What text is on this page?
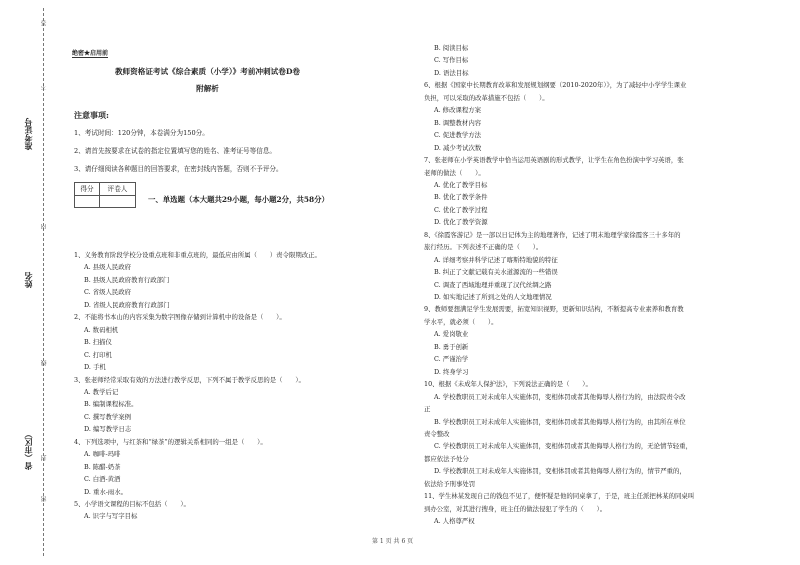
准考证号
姓名
省（市区）
答
不
内
线
封
密
绝密★启用前
教师资格证考试《综合素质（小学）》考前冲刺试卷D卷
附解析
注意事项:
1、考试时间：120分钟，本卷满分为150分。
2、请首先按要求在试卷的指定位置填写您的姓名、准考证号等信息。
3、请仔细阅读各种题目的回答要求，在密封线内答题，否则不予评分。
得分	评卷人
一、单选题（本大题共29小题，每小题2分，共58分）
1、义务教育阶段学校分设重点班和非重点班的，最低应由所属（　　）责令限期改正。
A. 县级人民政府
B. 县级人民政府教育行政部门
C. 省级人民政府
D. 省级人民政府教育行政部门
2、不能将书本山的内容采集为数字图像存储到计算机中的设备是（　　）。
A. 数码相机
B. 扫描仪
C. 打印机
D. 手机
3、张老师经常采取有效的方法进行教学反思，下列不属于教学反思的是（　　）。
A. 教学后记
B. 编制课程标准。
C. 撰写教学案例
D. 编写教学日志
4、下列选项中，与红茶和“绿茶”的逻辑关系相同的一组是（　　）。
A. 咖啡-玛啡
B. 陈醋-奶茶
C. 白酒-黄酒
D. 重水-雨水。
5、小学语文课程的目标不包括（　　）。
A. 识字与写字目标
B. 阅读目标
C. 写作目标
D. 语法目标
6、根据《国家中长期教育改革和发展规划纲要（2010-2020年）》，为了减轻中小学学生课业
负担，可以采取的改革措施不包括（　　）。
A. 修改课程方案
B. 调整教材内容
C. 促进教学方法
D. 减少考试次数
7、张老师在小学英语教学中恰当运用英语剧的形式教学，让学生在角色扮演中学习英语，张
老师的做法（　　）。
A. 优化了教学目标
B. 优化了教学条件
C. 优化了教学过程
D. 优化了教学资源
8、《徐霞客游记》是一部以日记体为主的地理著作，记述了明末地理学家徐霞客三十多年的
旅行经历。下列表述不正确的是（　　）。
A. 详细考察并科学记述了喀斯特地貌的特征
B. 纠正了文献记载有关水道源流的一些错误
C. 调查了西域地理并重现了汉代丝绸之路
D. 如实地记述了所到之处的人文地理情况
9、教师要想满足学生发展需要，拓宽知识视野，更新知识结构，不断提高专业素养和教育教
学水平，就必须（　　）。
A. 爱岗敬业
B. 勇于创新
C. 严谨治学
D. 终身学习
10、根据《未成年人保护法》，下列说法正确的是（　　）。
A. 学校教职员工对未成年人实施体罚，变相体罚或者其他侮辱人格行为的，由法院责令改
正
B. 学校教职员工对未成年人实施体罚，变相体罚或者其他侮辱人格行为的，由其所在单位
责令整改
C. 学校教职员工对未成年人实施体罚，变相体罚或者其他侮辱人格行为的，无论情节轻重，
都应依法予处分
D. 学校教职员工对未成年人实施体罚，变相体罚或者其他侮辱人格行为的，情节严重的，
依法给予刑事处罚
11、学生林某发现自己的钱包不见了，便怀疑是他的同桌拿了，于是，班主任派把林某的同桌叫
到办公室，对其进行搜身，班主任的做法侵犯了学生的（　　）。
A. 人格尊严权
第 1 页 共 6 页
